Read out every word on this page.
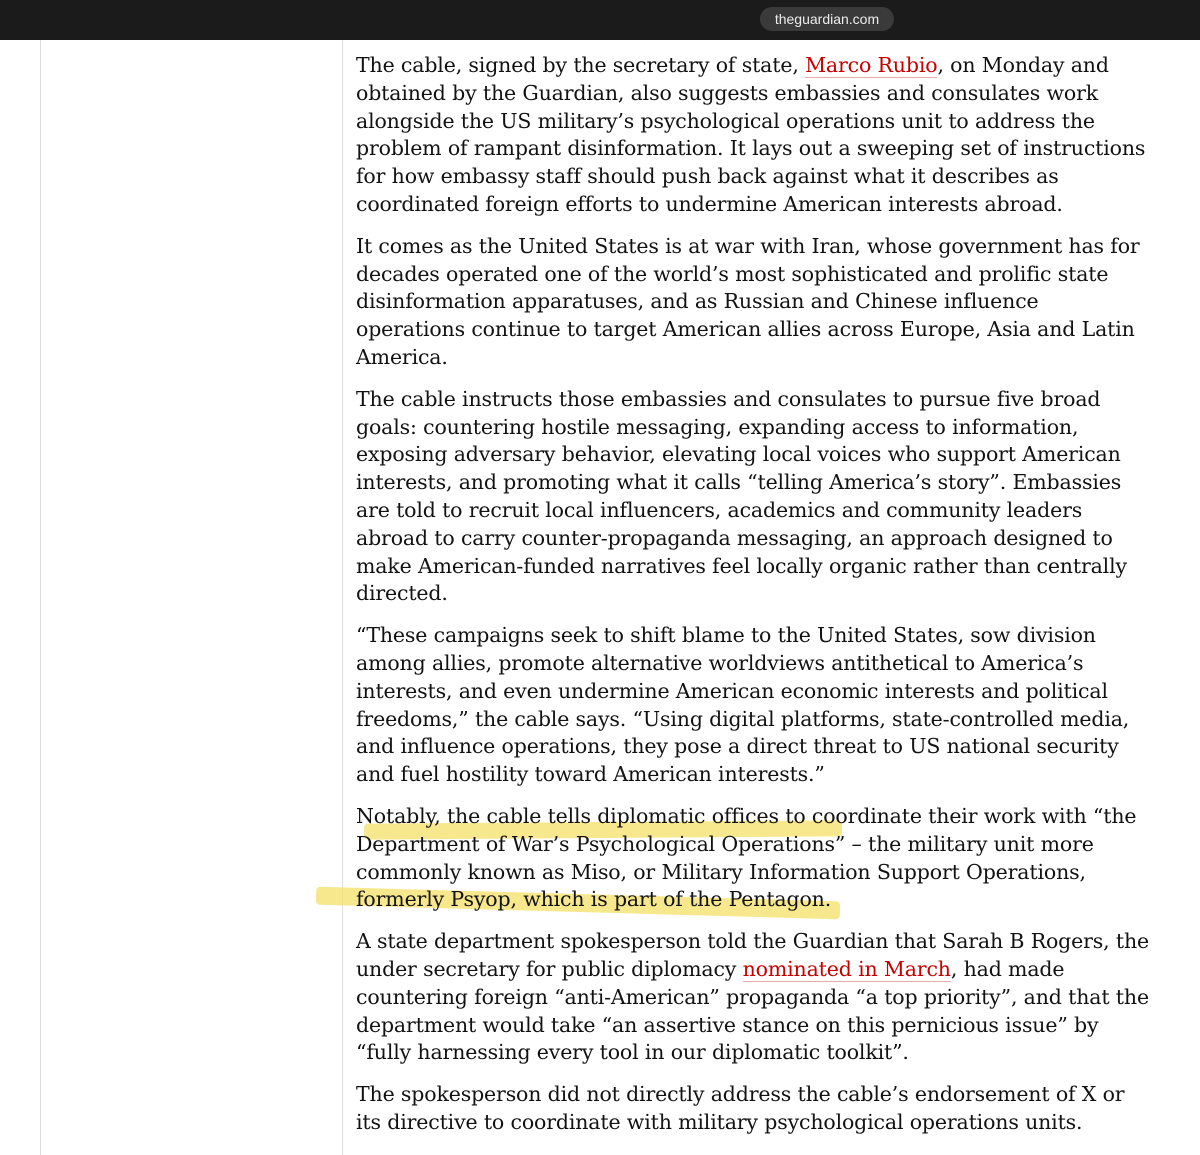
theguardian.com

The cable, signed by the secretary of state, Marco Rubio, on Monday and
obtained by the Guardian, also suggests embassies and consulates work
alongside the US military’s psychological operations unit to address the
problem of rampant disinformation. It lays out a sweeping set of instructions
for how embassy staff should push back against what it describes as
coordinated foreign efforts to undermine American interests abroad.

It comes as the United States is at war with Iran, whose government has for
decades operated one of the world’s most sophisticated and prolific state
disinformation apparatuses, and as Russian and Chinese influence
operations continue to target American allies across Europe, Asia and Latin
America.

The cable instructs those embassies and consulates to pursue five broad
goals: countering hostile messaging, expanding access to information,
exposing adversary behavior, elevating local voices who support American
interests, and promoting what it calls “telling America’s story”. Embassies
are told to recruit local influencers, academics and community leaders
abroad to carry counter-propaganda messaging, an approach designed to
make American-funded narratives feel locally organic rather than centrally
directed.

“These campaigns seek to shift blame to the United States, sow division
among allies, promote alternative worldviews antithetical to America’s
interests, and even undermine American economic interests and political
freedoms,” the cable says. “Using digital platforms, state-controlled media,
and influence operations, they pose a direct threat to US national security
and fuel hostility toward American interests.”

Notably, the cable tells diplomatic offices to coordinate their work with “the
Department of War’s Psychological Operations” – the military unit more
commonly known as Miso, or Military Information Support Operations,
formerly Psyop, which is part of the Pentagon.

A state department spokesperson told the Guardian that Sarah B Rogers, the
under secretary for public diplomacy nominated in March, had made
countering foreign “anti-American” propaganda “a top priority”, and that the
department would take “an assertive stance on this pernicious issue” by
“fully harnessing every tool in our diplomatic toolkit”.

The spokesperson did not directly address the cable’s endorsement of X or
its directive to coordinate with military psychological operations units.
